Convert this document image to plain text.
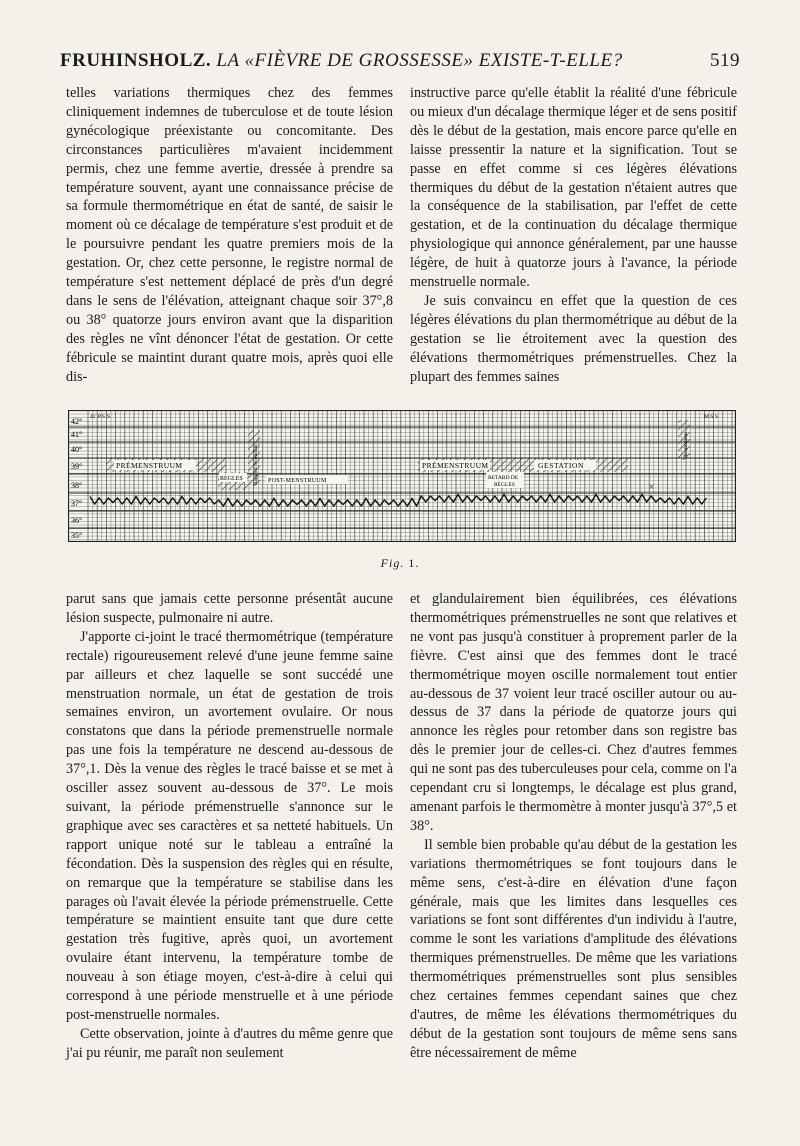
FRUHINSHOLZ. LA «FIÈVRE DE GROSSESSE» EXISTE-T-ELLE?	519

telles variations thermiques chez des femmes cliniquement indemnes de tuberculose et de toute lésion gynécologique préexistante ou concomitante. Des circonstances particulières m'avaient incidemment permis, chez une femme avertie, dressée à prendre sa température souvent, ayant une connaissance précise de sa formule thermométrique en état de santé, de saisir le moment où ce décalage de température s'est produit et de le poursuivre pendant les quatre premiers mois de la gestation. Or, chez cette personne, le registre normal de température s'est nettement déplacé de près d'un degré dans le sens de l'élévation, atteignant chaque soir 37°,8 ou 38° quatorze jours environ avant que la disparition des règles ne vînt dénoncer l'état de gestation. Or cette fébricule se maintint durant quatre mois, après quoi elle dis-

instructive parce qu'elle établit la réalité d'une fébricule ou mieux d'un décalage thermique léger et de sens positif dès le début de la gestation, mais encore parce qu'elle en laisse pressentir la nature et la signification. Tout se passe en effet comme si ces légères élévations thermiques du début de la gestation n'étaient autres que la conséquence de la stabilisation, par l'effet de cette gestation, et de la continuation du décalage thermique physiologique qui annonce généralement, par une hausse légère, de huit à quatorze jours à l'avance, la période menstruelle normale.

Je suis convaincu en effet que la question de ces légères élévations du plan thermométrique au début de la gestation se lie étroitement avec la question des élévations thermométriques prémenstruelles. Chez la plupart des femmes saines

42°
41°
40°
39°
38°
37°
36°
35°
42 P.S S	M.S S
PRÉMENSTRUUM	PRÉMENSTRUUM	GESTATION
RÈGLES	POST-MENSTRUUM
Rapport fécondant	RETARD DE
RÈGLES
Avortement
×
Fig. 1.

parut sans que jamais cette personne présentât aucune lésion suspecte, pulmonaire ni autre.

J'apporte ci-joint le tracé thermométrique (température rectale) rigoureusement relevé d'une jeune femme saine par ailleurs et chez laquelle se sont succédé une menstruation normale, un état de gestation de trois semaines environ, un avortement ovulaire. Or nous constatons que dans la période premenstruelle normale pas une fois la température ne descend au-dessous de 37°,1. Dès la venue des règles le tracé baisse et se met à osciller assez souvent au-dessous de 37°. Le mois suivant, la période prémenstruelle s'annonce sur le graphique avec ses caractères et sa netteté habituels. Un rapport unique noté sur le tableau a entraîné la fécondation. Dès la suspension des règles qui en résulte, on remarque que la température se stabilise dans les parages où l'avait élevée la période prémenstruelle. Cette température se maintient ensuite tant que dure cette gestation très fugitive, après quoi, un avortement ovulaire étant intervenu, la température tombe de nouveau à son étiage moyen, c'est-à-dire à celui qui correspond à une période menstruelle et à une période post-menstruelle normales.

Cette observation, jointe à d'autres du même genre que j'ai pu réunir, me paraît non seulement

et glandulairement bien équilibrées, ces élévations thermométriques prémenstruelles ne sont que relatives et ne vont pas jusqu'à constituer à proprement parler de la fièvre. C'est ainsi que des femmes dont le tracé thermométrique moyen oscille normalement tout entier au-dessous de 37 voient leur tracé osciller autour ou au-dessus de 37 dans la période de quatorze jours qui annonce les règles pour retomber dans son registre bas dès le premier jour de celles-ci. Chez d'autres femmes qui ne sont pas des tuberculeuses pour cela, comme on l'a cependant cru si longtemps, le décalage est plus grand, amenant parfois le thermomètre à monter jusqu'à 37°,5 et 38°.

Il semble bien probable qu'au début de la gestation les variations thermométriques se font toujours dans le même sens, c'est-à-dire en élévation d'une façon générale, mais que les limites dans lesquelles ces variations se font sont différentes d'un individu à l'autre, comme le sont les variations d'amplitude des élévations thermiques prémenstruelles. De même que les variations thermométriques prémenstruelles sont plus sensibles chez certaines femmes cependant saines que chez d'autres, de même les élévations thermométriques du début de la gestation sont toujours de même sens sans être nécessairement de même
